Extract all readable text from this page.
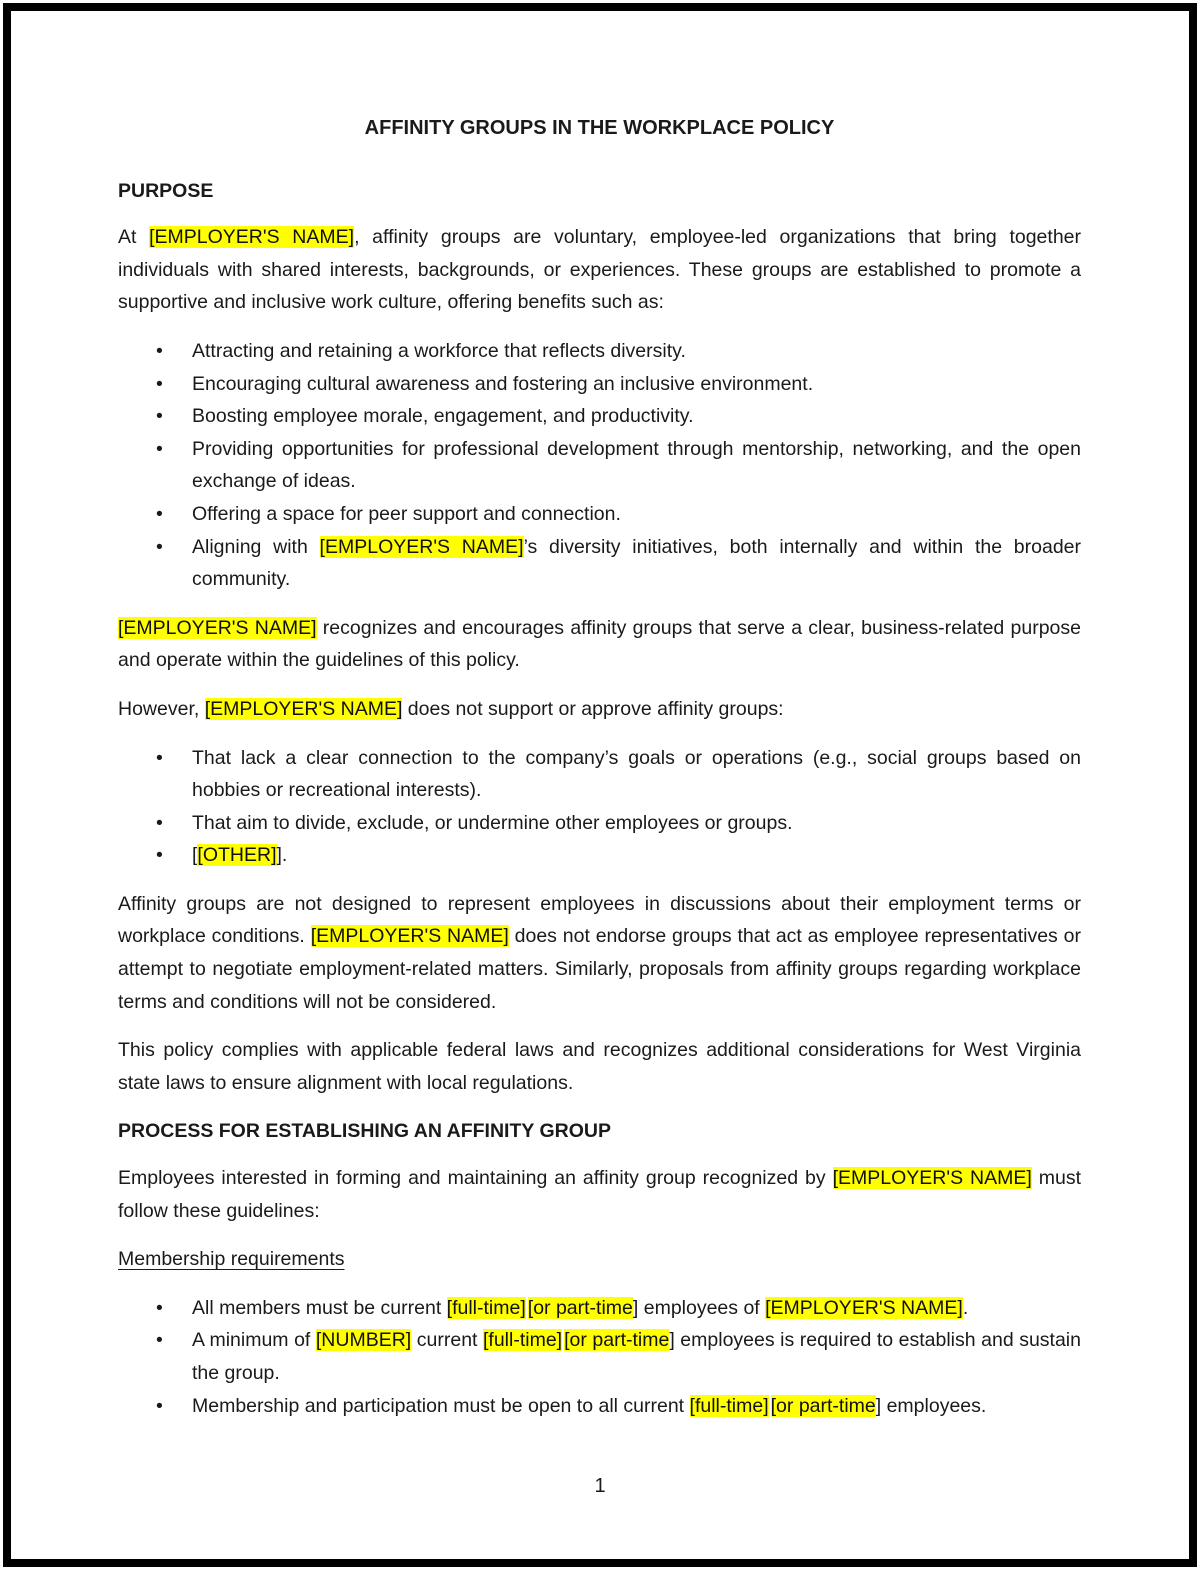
AFFINITY GROUPS IN THE WORKPLACE POLICY
PURPOSE

At [EMPLOYER'S NAME], affinity groups are voluntary, employee-led organizations that bring together individuals with shared interests, backgrounds, or experiences. These groups are established to promote a supportive and inclusive work culture, offering benefits such as:

• Attracting and retaining a workforce that reflects diversity.
• Encouraging cultural awareness and fostering an inclusive environment.
• Boosting employee morale, engagement, and productivity.
• Providing opportunities for professional development through mentorship, networking, and the open exchange of ideas.
• Offering a space for peer support and connection.
• Aligning with [EMPLOYER'S NAME]’s diversity initiatives, both internally and within the broader community.

[EMPLOYER'S NAME] recognizes and encourages affinity groups that serve a clear, business-related purpose and operate within the guidelines of this policy.

However, [EMPLOYER'S NAME] does not support or approve affinity groups:

• That lack a clear connection to the company’s goals or operations (e.g., social groups based on hobbies or recreational interests).
• That aim to divide, exclude, or undermine other employees or groups.
• [[OTHER]].

Affinity groups are not designed to represent employees in discussions about their employment terms or workplace conditions. [EMPLOYER'S NAME] does not endorse groups that act as employee representatives or attempt to negotiate employment-related matters. Similarly, proposals from affinity groups regarding workplace terms and conditions will not be considered.

This policy complies with applicable federal laws and recognizes additional considerations for West Virginia state laws to ensure alignment with local regulations.

PROCESS FOR ESTABLISHING AN AFFINITY GROUP

Employees interested in forming and maintaining an affinity group recognized by [EMPLOYER'S NAME] must follow these guidelines:

Membership requirements
• All members must be current [full-time] [or part-time] employees of [EMPLOYER'S NAME].
• A minimum of [NUMBER] current [full-time] [or part-time] employees is required to establish and sustain the group.
• Membership and participation must be open to all current [full-time] [or part-time] employees.
1
